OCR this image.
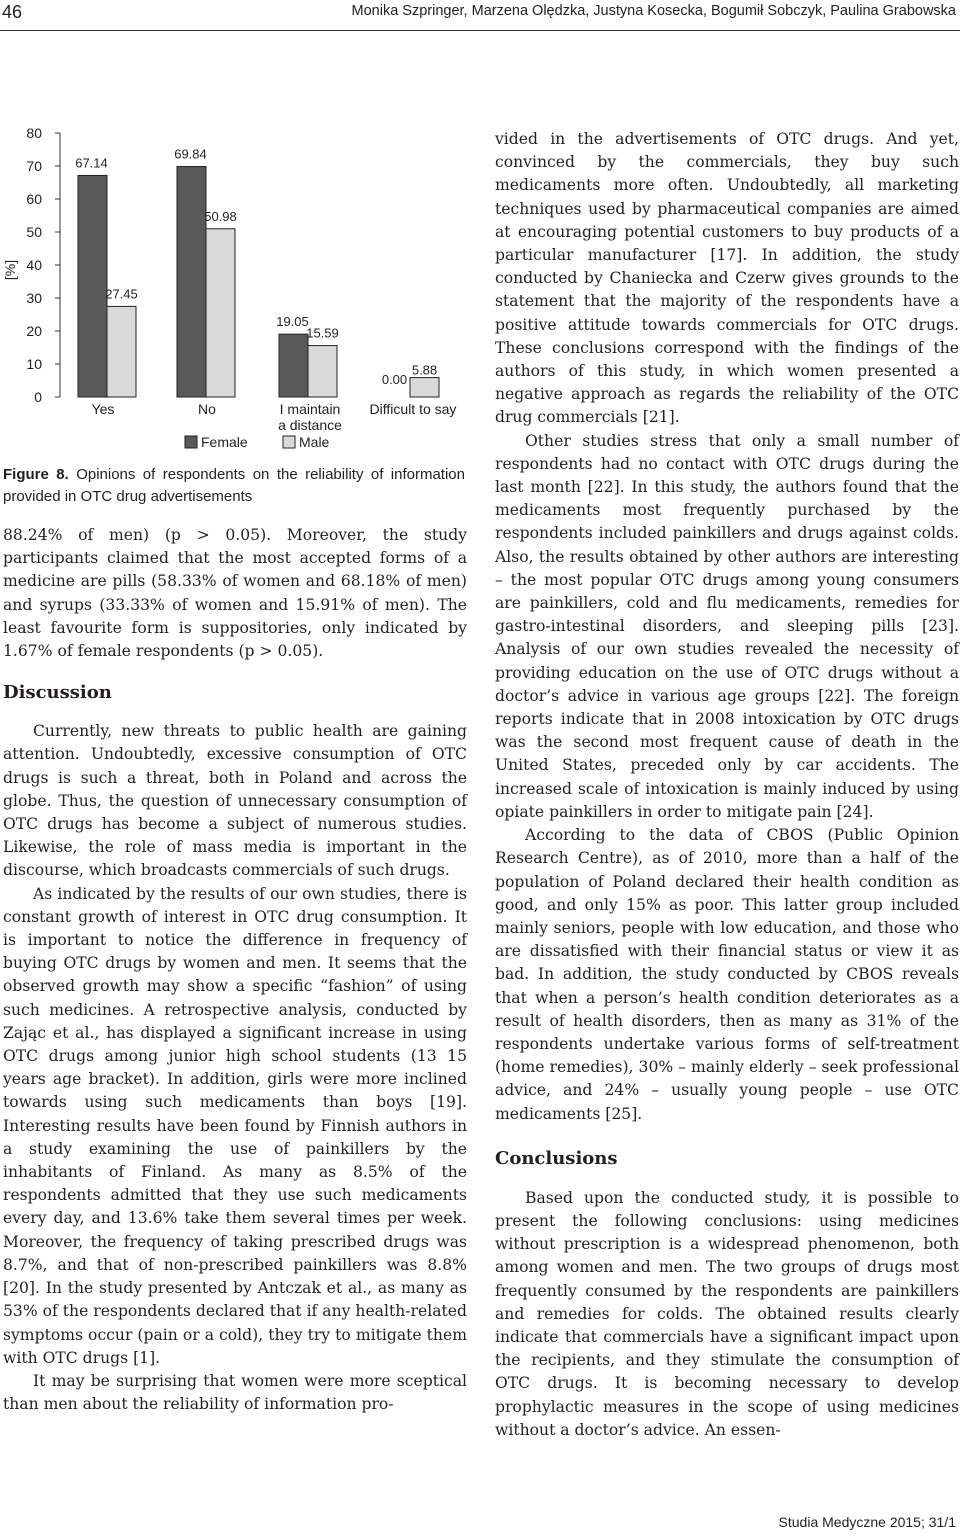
46	Monika Szpringer, Marzena Olędzka, Justyna Kosecka, Bogumił Sobczyk, Paulina Grabowska
0
10
20
30
40
50
60
70
80
[%]
Yes	No	I maintain
a distance
Difficult to say
67.14
69.84
19.05
0.00
27.45
50.98
15.59
5.88
Female	Male

Figure 8. Opinions of respondents on the reliability of information provided in OTC drug advertisements

88.24% of men) (p > 0.05). Moreover, the study participants claimed that the most accepted forms of a medicine are pills (58.33% of women and 68.18% of men) and syrups (33.33% of women and 15.91% of men). The least favourite form is suppositories, only indicated by 1.67% of female respondents (p > 0.05).

Discussion

Currently, new threats to public health are gaining attention. Undoubtedly, excessive consumption of OTC drugs is such a threat, both in Poland and across the globe. Thus, the question of unnecessary consumption of OTC drugs has become a subject of numerous studies. Likewise, the role of mass media is important in the discourse, which broadcasts commercials of such drugs.

As indicated by the results of our own studies, there is constant growth of interest in OTC drug consumption. It is important to notice the difference in frequency of buying OTC drugs by women and men. It seems that the observed growth may show a specific “fashion” of using such medicines. A retrospective analysis, conducted by Zając et al., has displayed a significant increase in using OTC drugs among junior high school students (13 15 years age bracket). In addition, girls were more inclined towards using such medicaments than boys [19]. Interesting results have been found by Finnish authors in a study examining the use of painkillers by the inhabitants of Finland. As many as 8.5% of the respondents admitted that they use such medicaments every day, and 13.6% take them several times per week. Moreover, the frequency of taking prescribed drugs was 8.7%, and that of non-prescribed painkillers was 8.8% [20]. In the study presented by Antczak et al., as many as 53% of the respondents declared that if any health-related symptoms occur (pain or a cold), they try to mitigate them with OTC drugs [1].

It may be surprising that women were more sceptical than men about the reliability of information pro-

vided in the advertisements of OTC drugs. And yet, convinced by the commercials, they buy such medicaments more often. Undoubtedly, all marketing techniques used by pharmaceutical companies are aimed at encouraging potential customers to buy products of a particular manufacturer [17]. In addition, the study conducted by Chaniecka and Czerw gives grounds to the statement that the majority of the respondents have a positive attitude towards commercials for OTC drugs. These conclusions correspond with the findings of the authors of this study, in which women presented a negative approach as regards the reliability of the OTC drug commercials [21].

Other studies stress that only a small number of respondents had no contact with OTC drugs during the last month [22]. In this study, the authors found that the medicaments most frequently purchased by the respondents included painkillers and drugs against colds. Also, the results obtained by other authors are interesting – the most popular OTC drugs among young consumers are painkillers, cold and flu medicaments, remedies for gastro-intestinal disorders, and sleeping pills [23]. Analysis of our own studies revealed the necessity of providing education on the use of OTC drugs without a doctor’s advice in various age groups [22]. The foreign reports indicate that in 2008 intoxication by OTC drugs was the second most frequent cause of death in the United States, preceded only by car accidents. The increased scale of intoxication is mainly induced by using opiate painkillers in order to mitigate pain [24].

According to the data of CBOS (Public Opinion Research Centre), as of 2010, more than a half of the population of Poland declared their health condition as good, and only 15% as poor. This latter group included mainly seniors, people with low education, and those who are dissatisfied with their financial status or view it as bad. In addition, the study conducted by CBOS reveals that when a person’s health condition deteriorates as a result of health disorders, then as many as 31% of the respondents undertake various forms of self-treatment (home remedies), 30% – mainly elderly – seek professional advice, and 24% – usually young people – use OTC medicaments [25].

Conclusions

Based upon the conducted study, it is possible to present the following conclusions: using medicines without prescription is a widespread phenomenon, both among women and men. The two groups of drugs most frequently consumed by the respondents are painkillers and remedies for colds. The obtained results clearly indicate that commercials have a significant impact upon the recipients, and they stimulate the consumption of OTC drugs. It is becoming necessary to develop prophylactic measures in the scope of using medicines without a doctor’s advice. An essen-

Studia Medyczne 2015; 31/1
